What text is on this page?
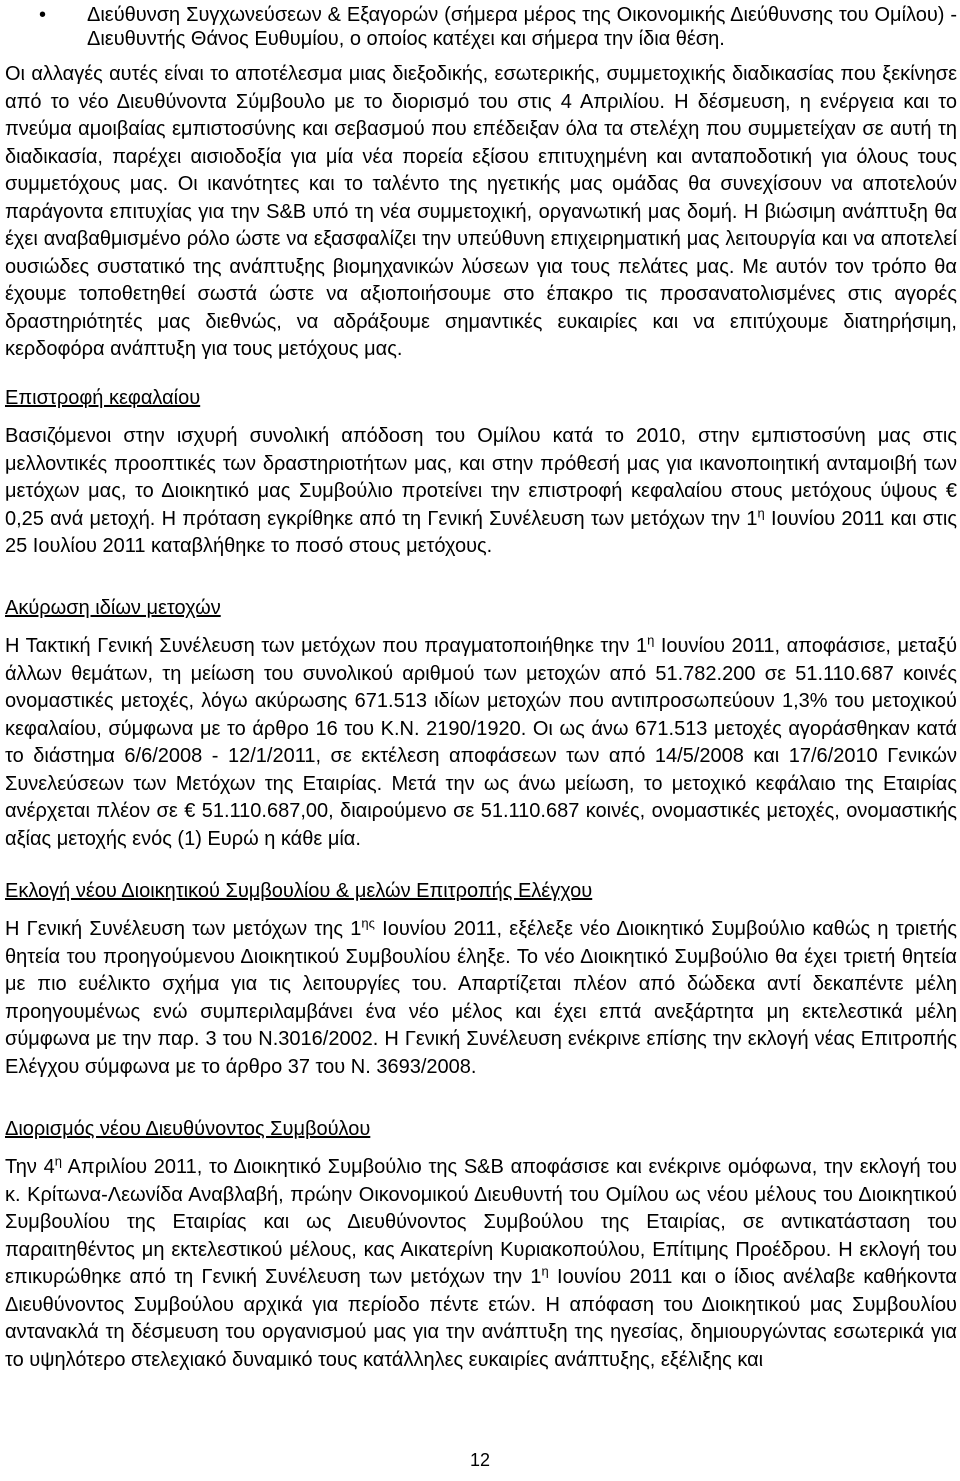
• Διεύθυνση Συγχωνεύσεων & Εξαγορών (σήμερα μέρος της Οικονομικής Διεύθυνσης του Ομίλου) - Διευθυντής Θάνος Ευθυμίου, ο οποίος κατέχει και σήμερα την ίδια θέση.

Οι αλλαγές αυτές είναι το αποτέλεσμα μιας διεξοδικής, εσωτερικής, συμμετοχικής διαδικασίας που ξεκίνησε από το νέο Διευθύνοντα Σύμβουλο με το διορισμό του στις 4 Απριλίου. Η δέσμευση, η ενέργεια και το πνεύμα αμοιβαίας εμπιστοσύνης και σεβασμού που επέδειξαν όλα τα στελέχη που συμμετείχαν σε αυτή τη διαδικασία, παρέχει αισιοδοξία για μία νέα πορεία εξίσου επιτυχημένη και ανταποδοτική για όλους τους συμμετόχους μας. Οι ικανότητες και το ταλέντο της ηγετικής μας ομάδας θα συνεχίσουν να αποτελούν παράγοντα επιτυχίας για την S&B υπό τη νέα συμμετοχική, οργανωτική μας δομή. Η βιώσιμη ανάπτυξη θα έχει αναβαθμισμένο ρόλο ώστε να εξασφαλίζει την υπεύθυνη επιχειρηματική μας λειτουργία και να αποτελεί ουσιώδες συστατικό της ανάπτυξης βιομηχανικών λύσεων για τους πελάτες μας. Με αυτόν τον τρόπο θα έχουμε τοποθετηθεί σωστά ώστε να αξιοποιήσουμε στο έπακρο τις προσανατολισμένες στις αγορές δραστηριότητές μας διεθνώς, να αδράξουμε σημαντικές ευκαιρίες και να επιτύχουμε διατηρήσιμη, κερδοφόρα ανάπτυξη για τους μετόχους μας.

Επιστροφή κεφαλαίου

Βασιζόμενοι στην ισχυρή συνολική απόδοση του Ομίλου κατά το 2010, στην εμπιστοσύνη μας στις μελλοντικές προοπτικές των δραστηριοτήτων μας, και στην πρόθεσή μας για ικανοποιητική ανταμοιβή των μετόχων μας, το Διοικητικό μας Συμβούλιο προτείνει την επιστροφή κεφαλαίου στους μετόχους ύψους € 0,25 ανά μετοχή. Η πρόταση εγκρίθηκε από τη Γενική Συνέλευση των μετόχων την $1^\eta$ Ιουνίου 2011 και στις 25 Ιουλίου 2011 καταβλήθηκε το ποσό στους μετόχους.

Ακύρωση ιδίων μετοχών

Η Τακτική Γενική Συνέλευση των μετόχων που πραγματοποιήθηκε την $1^\eta$ Ιουνίου 2011, αποφάσισε, μεταξύ άλλων θεμάτων, τη μείωση του συνολικού αριθμού των μετοχών από 51.782.200 σε 51.110.687 κοινές ονομαστικές μετοχές, λόγω ακύρωσης 671.513 ιδίων μετοχών που αντιπροσωπεύουν 1,3% του μετοχικού κεφαλαίου, σύμφωνα με το άρθρο 16 του Κ.Ν. 2190/1920. Οι ως άνω 671.513 μετοχές αγοράσθηκαν κατά το διάστημα 6/6/2008 - 12/1/2011, σε εκτέλεση αποφάσεων των από 14/5/2008 και 17/6/2010 Γενικών Συνελεύσεων των Μετόχων της Εταιρίας. Μετά την ως άνω μείωση, το μετοχικό κεφάλαιο της Εταιρίας ανέρχεται πλέον σε € 51.110.687,00, διαιρούμενο σε 51.110.687 κοινές, ονομαστικές μετοχές, ονομαστικής αξίας μετοχής ενός (1) Ευρώ η κάθε μία.

Εκλογή νέου Διοικητικού Συμβουλίου & μελών Επιτροπής Ελέγχου

Η Γενική Συνέλευση των μετόχων της $1^{\eta\varsigma}$ Ιουνίου 2011, εξέλεξε νέο Διοικητικό Συμβούλιο καθώς η τριετής θητεία του προηγούμενου Διοικητικού Συμβουλίου έληξε. Το νέο Διοικητικό Συμβούλιο θα έχει τριετή θητεία με πιο ευέλικτο σχήμα για τις λειτουργίες του. Απαρτίζεται πλέον από δώδεκα αντί δεκαπέντε μέλη προηγουμένως ενώ συμπεριλαμβάνει ένα νέο μέλος και έχει επτά ανεξάρτητα μη εκτελεστικά μέλη σύμφωνα με την παρ. 3 του Ν.3016/2002. Η Γενική Συνέλευση ενέκρινε επίσης την εκλογή νέας Επιτροπής Ελέγχου σύμφωνα με το άρθρο 37 του Ν. 3693/2008.

Διορισμός νέου Διευθύνοντος Συμβούλου

Την $4^\eta$ Απριλίου 2011, το Διοικητικό Συμβούλιο της S&B αποφάσισε και ενέκρινε ομόφωνα, την εκλογή του κ. Κρίτωνα-Λεωνίδα Αναβλαβή, πρώην Οικονομικού Διευθυντή του Ομίλου ως νέου μέλους του Διοικητικού Συμβουλίου της Εταιρίας και ως Διευθύνοντος Συμβούλου της Εταιρίας, σε αντικατάσταση του παραιτηθέντος μη εκτελεστικού μέλους, κας Αικατερίνη Κυριακοπούλου, Επίτιμης Προέδρου. Η εκλογή του επικυρώθηκε από τη Γενική Συνέλευση των μετόχων την $1^\eta$ Ιουνίου 2011 και ο ίδιος ανέλαβε καθήκοντα Διευθύνοντος Συμβούλου αρχικά για περίοδο πέντε ετών. Η απόφαση του Διοικητικού μας Συμβουλίου αντανακλά τη δέσμευση του οργανισμού μας για την ανάπτυξη της ηγεσίας, δημιουργώντας εσωτερικά για το υψηλότερο στελεχιακό δυναμικό τους κατάλληλες ευκαιρίες ανάπτυξης, εξέλιξης και

12
